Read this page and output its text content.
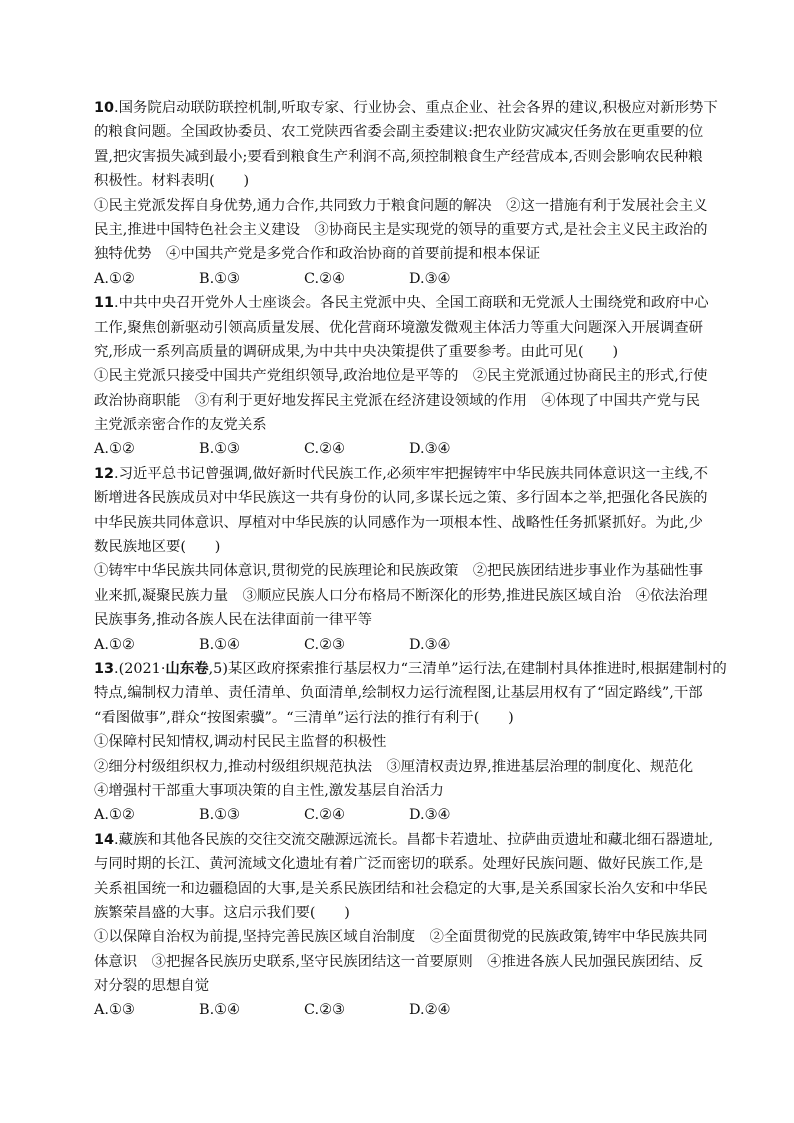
10.国务院启动联防联控机制,听取专家、行业协会、重点企业、社会各界的建议,积极应对新形势下
的粮食问题。全国政协委员、农工党陕西省委会副主委建议:把农业防灾减灾任务放在更重要的位
置,把灾害损失减到最小;要看到粮食生产利润不高,须控制粮食生产经营成本,否则会影响农民种粮
积极性。材料表明(　　)
①民主党派发挥自身优势,通力合作,共同致力于粮食问题的解决　②这一措施有利于发展社会主义
民主,推进中国特色社会主义建设　③协商民主是实现党的领导的重要方式,是社会主义民主政治的
独特优势　④中国共产党是多党合作和政治协商的首要前提和根本保证
A.①②	B.①③	C.②④	D.③④
11.中共中央召开党外人士座谈会。各民主党派中央、全国工商联和无党派人士围绕党和政府中心
工作,聚焦创新驱动引领高质量发展、优化营商环境激发微观主体活力等重大问题深入开展调查研
究,形成一系列高质量的调研成果,为中共中央决策提供了重要参考。由此可见(　　)
①民主党派只接受中国共产党组织领导,政治地位是平等的　②民主党派通过协商民主的形式,行使
政治协商职能　③有利于更好地发挥民主党派在经济建设领域的作用　④体现了中国共产党与民
主党派亲密合作的友党关系
A.①②	B.①③	C.②④	D.③④
12.习近平总书记曾强调,做好新时代民族工作,必须牢牢把握铸牢中华民族共同体意识这一主线,不
断增进各民族成员对中华民族这一共有身份的认同,多谋长远之策、多行固本之举,把强化各民族的
中华民族共同体意识、厚植对中华民族的认同感作为一项根本性、战略性任务抓紧抓好。为此,少
数民族地区要(　　)
①铸牢中华民族共同体意识,贯彻党的民族理论和民族政策　②把民族团结进步事业作为基础性事
业来抓,凝聚民族力量　③顺应民族人口分布格局不断深化的形势,推进民族区域自治　④依法治理
民族事务,推动各族人民在法律面前一律平等
A.①②	B.①④	C.②③	D.③④
13.(2021·山东卷,5)某区政府探索推行基层权力“三清单”运行法,在建制村具体推进时,根据建制村的
特点,编制权力清单、责任清单、负面清单,绘制权力运行流程图,让基层用权有了“固定路线”,干部
“看图做事”,群众“按图索骥”。“三清单”运行法的推行有利于(　　)
①保障村民知情权,调动村民民主监督的积极性
②细分村级组织权力,推动村级组织规范执法　③厘清权责边界,推进基层治理的制度化、规范化
④增强村干部重大事项决策的自主性,激发基层自治活力
A.①②	B.①③	C.②④	D.③④
14.藏族和其他各民族的交往交流交融源远流长。昌都卡若遗址、拉萨曲贡遗址和藏北细石器遗址,
与同时期的长江、黄河流域文化遗址有着广泛而密切的联系。处理好民族问题、做好民族工作,是
关系祖国统一和边疆稳固的大事,是关系民族团结和社会稳定的大事,是关系国家长治久安和中华民
族繁荣昌盛的大事。这启示我们要(　　)
①以保障自治权为前提,坚持完善民族区域自治制度　②全面贯彻党的民族政策,铸牢中华民族共同
体意识　③把握各民族历史联系,坚守民族团结这一首要原则　④推进各族人民加强民族团结、反
对分裂的思想自觉
A.①③	B.①④	C.②③	D.②④
